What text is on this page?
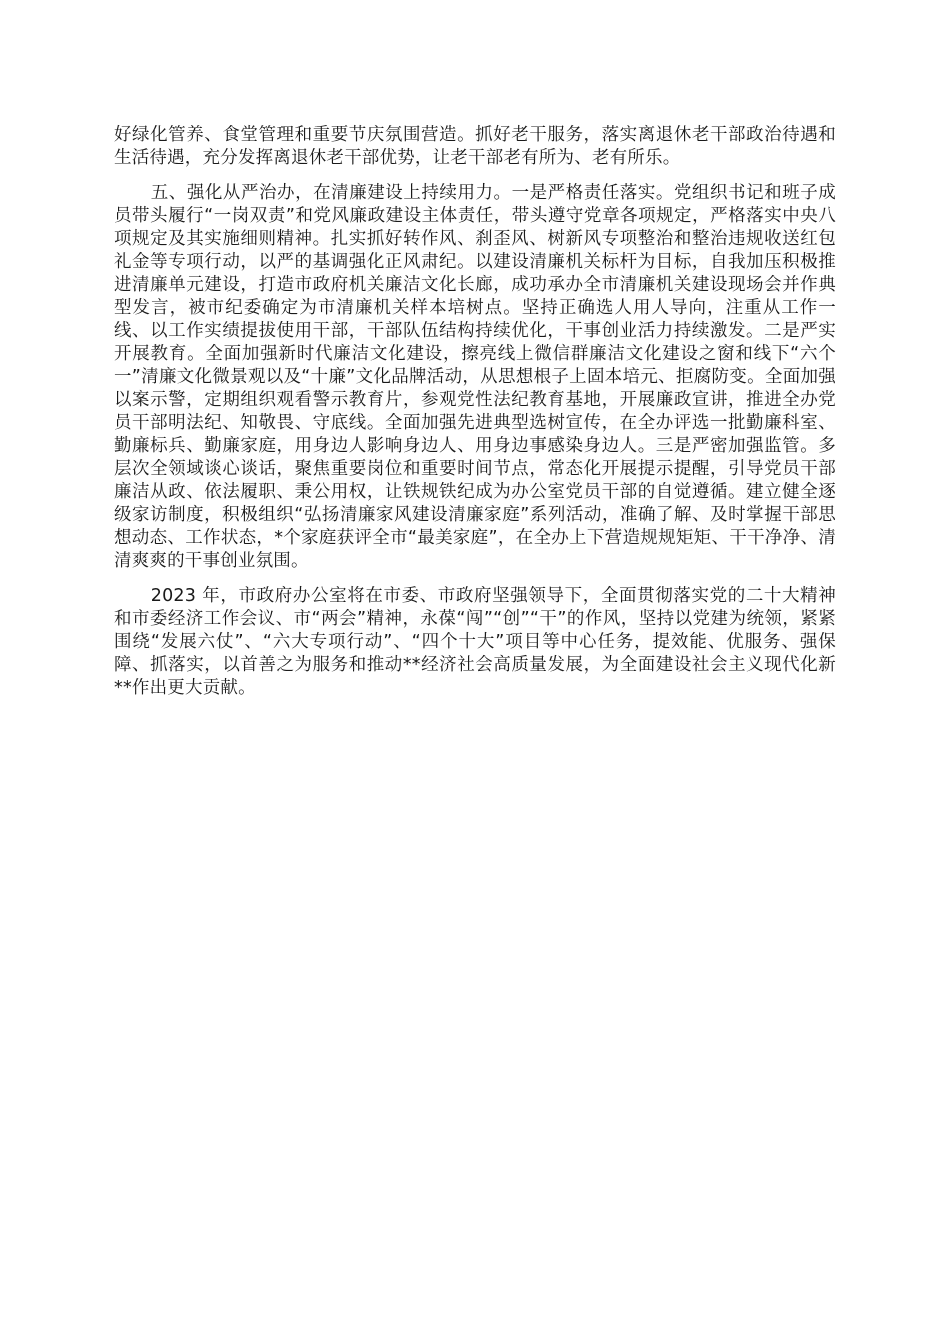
好绿化管养、食堂管理和重要节庆氛围营造。抓好老干服务，落实离退休老干部政治待遇和生活待遇，充分发挥离退休老干部优势，让老干部老有所为、老有所乐。

五、强化从严治办，在清廉建设上持续用力。一是严格责任落实。党组织书记和班子成员带头履行“一岗双责”和党风廉政建设主体责任，带头遵守党章各项规定，严格落实中央八项规定及其实施细则精神。扎实抓好转作风、刹歪风、树新风专项整治和整治违规收送红包礼金等专项行动，以严的基调强化正风肃纪。以建设清廉机关标杆为目标，自我加压积极推进清廉单元建设，打造市政府机关廉洁文化长廊，成功承办全市清廉机关建设现场会并作典型发言，被市纪委确定为市清廉机关样本培树点。坚持正确选人用人导向，注重从工作一线、以工作实绩提拔使用干部，干部队伍结构持续优化，干事创业活力持续激发。二是严实开展教育。全面加强新时代廉洁文化建设，擦亮线上微信群廉洁文化建设之窗和线下“六个一”清廉文化微景观以及“十廉”文化品牌活动，从思想根子上固本培元、拒腐防变。全面加强以案示警，定期组织观看警示教育片，参观党性法纪教育基地，开展廉政宣讲，推进全办党员干部明法纪、知敬畏、守底线。全面加强先进典型选树宣传，在全办评选一批勤廉科室、勤廉标兵、勤廉家庭，用身边人影响身边人、用身边事感染身边人。三是严密加强监管。多层次全领域谈心谈话，聚焦重要岗位和重要时间节点，常态化开展提示提醒，引导党员干部廉洁从政、依法履职、秉公用权，让铁规铁纪成为办公室党员干部的自觉遵循。建立健全逐级家访制度，积极组织“弘扬清廉家风建设清廉家庭”系列活动，准确了解、及时掌握干部思想动态、工作状态，*个家庭获评全市“最美家庭”，在全办上下营造规规矩矩、干干净净、清清爽爽的干事创业氛围。

2023 年，市政府办公室将在市委、市政府坚强领导下，全面贯彻落实党的二十大精神和市委经济工作会议、市“两会”精神，永葆“闯”“创”“干”的作风，坚持以党建为统领，紧紧围绕“发展六仗”、“六大专项行动”、“四个十大”项目等中心任务，提效能、优服务、强保障、抓落实，以首善之为服务和推动**经济社会高质量发展，为全面建设社会主义现代化新**作出更大贡献。
